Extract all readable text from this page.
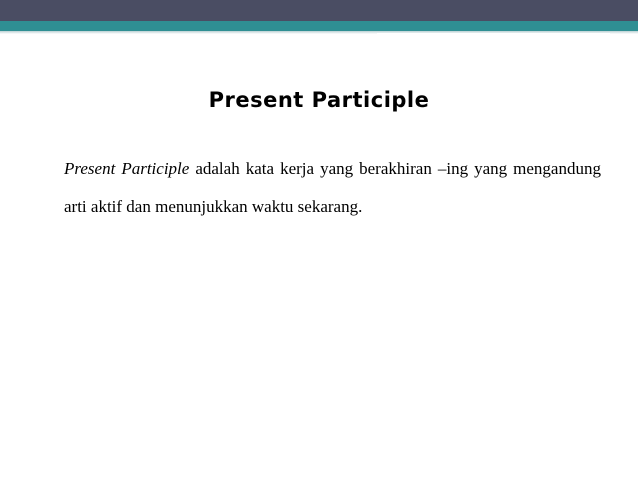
Present Participle

Present Participle adalah kata kerja yang berakhiran –ing yang mengandung arti aktif dan menunjukkan waktu sekarang.
